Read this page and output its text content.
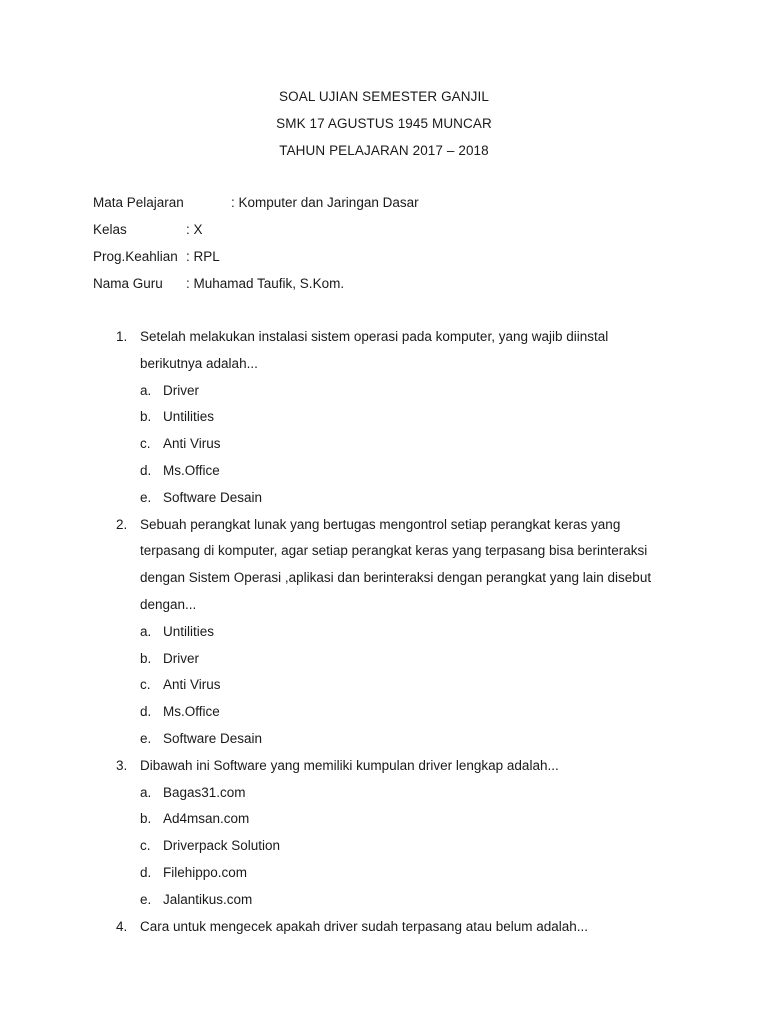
SOAL UJIAN SEMESTER GANJIL
SMK 17 AGUSTUS 1945 MUNCAR
TAHUN PELAJARAN 2017 – 2018
Mata Pelajaran	: Komputer dan Jaringan Dasar
Kelas	: X
Prog.Keahlian : RPL
Nama Guru : Muhamad Taufik, S.Kom.
1. Setelah melakukan instalasi sistem operasi pada komputer, yang wajib diinstal
berikutnya adalah...
a. Driver
b. Untilities
c. Anti Virus
d. Ms.Office
e. Software Desain
2. Sebuah perangkat lunak yang bertugas mengontrol setiap perangkat keras yang
terpasang di komputer, agar setiap perangkat keras yang terpasang bisa berinteraksi
dengan Sistem Operasi ,aplikasi dan berinteraksi dengan perangkat yang lain disebut
dengan...
a. Untilities
b. Driver
c. Anti Virus
d. Ms.Office
e. Software Desain
3. Dibawah ini Software yang memiliki kumpulan driver lengkap adalah...
a. Bagas31.com
b. Ad4msan.com
c. Driverpack Solution
d. Filehippo.com
e. Jalantikus.com
4. Cara untuk mengecek apakah driver sudah terpasang atau belum adalah...
